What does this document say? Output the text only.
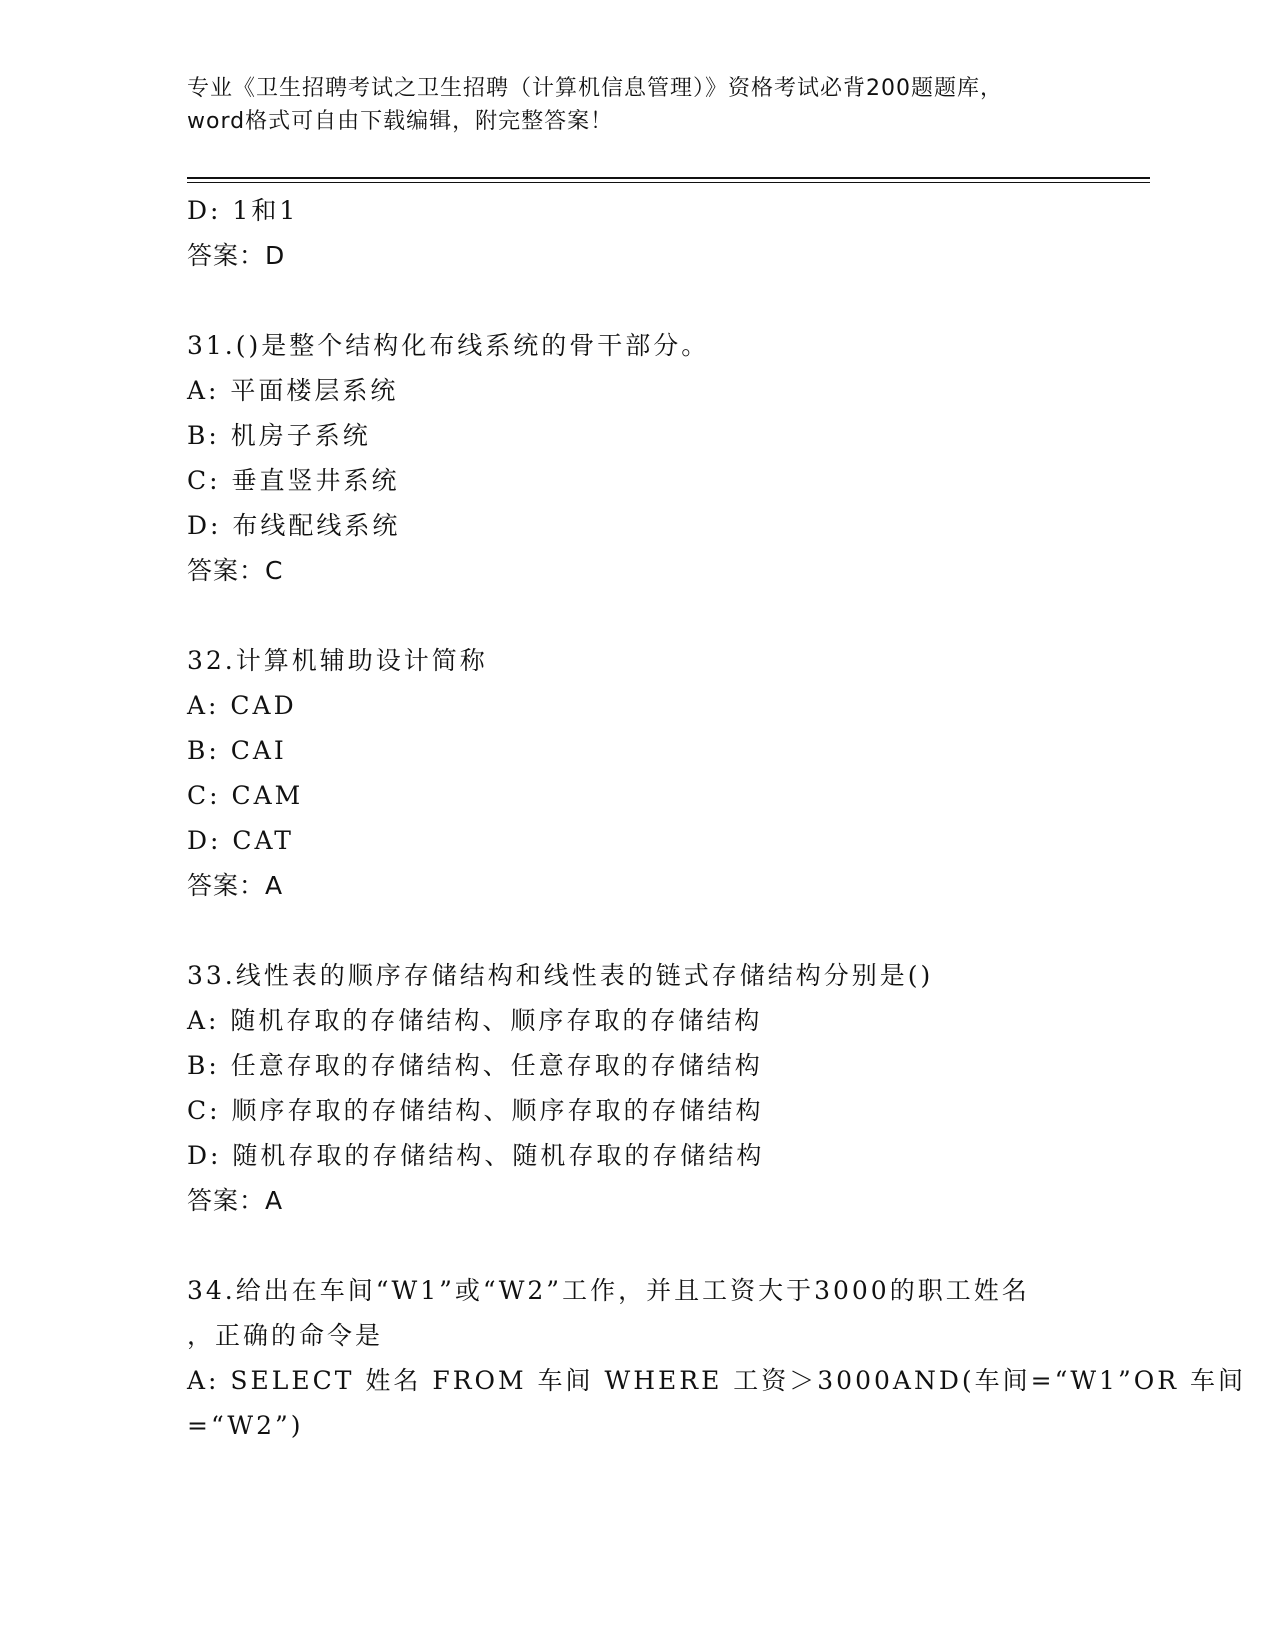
专业《卫生招聘考试之卫生招聘（计算机信息管理）》资格考试必背200题题库，
word格式可自由下载编辑，附完整答案！
D: 1和1
答案：D
31.()是整个结构化布线系统的骨干部分。
A: 平面楼层系统
B: 机房子系统
C: 垂直竖井系统
D: 布线配线系统
答案：C
32.计算机辅助设计简称
A: CAD
B: CAI
C: CAM
D: CAT
答案：A
33.线性表的顺序存储结构和线性表的链式存储结构分别是()
A: 随机存取的存储结构、顺序存取的存储结构
B: 任意存取的存储结构、任意存取的存储结构
C: 顺序存取的存储结构、顺序存取的存储结构
D: 随机存取的存储结构、随机存取的存储结构
答案：A
34.给出在车间“W1”或“W2”工作，并且工资大于3000的职工姓名
，正确的命令是
A: SELECT 姓名 FROM 车间 WHERE 工资＞3000AND(车间=“W1”OR 车间
=“W2”)
